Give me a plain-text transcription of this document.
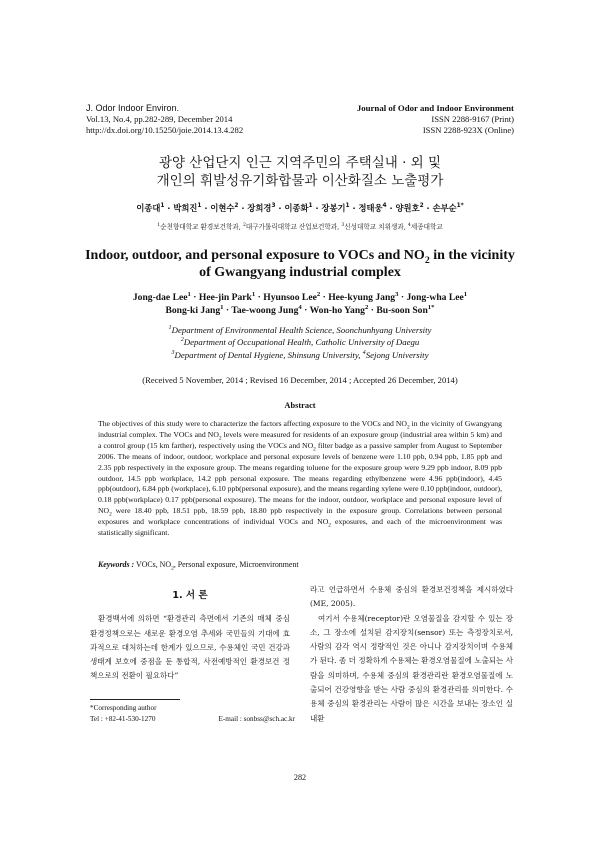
J. Odor Indoor Environ.
Vol.13, No.4, pp.282-289, December 2014
http://dx.doi.org/10.15250/joie.2014.13.4.282
Journal of Odor and Indoor Environment
ISSN 2288-9167 (Print)
ISSN 2288-923X (Online)
광양 산업단지 인근 지역주민의 주택실내 · 외 및
개인의 휘발성유기화합물과 이산화질소 노출평가
이종대$^1$ · 박희진$^1$ · 이현수$^2$ · 장희경$^3$ · 이종화$^1$ · 장봉기$^1$ · 정태웅$^4$ · 양원호$^2$ · 손부순$^{1*}$
$^1$순천향대학교 환경보건학과, $^2$대구가톨릭대학교 산업보건학과, $^3$신성대학교 치위생과, $^4$세종대학교
Indoor, outdoor, and personal exposure to VOCs and $NO_2$ in the vicinity
of Gwangyang industrial complex
Jong-dae Lee$^1$ · Hee-jin Park$^1$ · Hyunsoo Lee$^2$ · Hee-kyung Jang$^3$ · Jong-wha Lee$^1$
Bong-ki Jang$^1$ · Tae-woong Jung$^4$ · Won-ho Yang$^2$ · Bu-soon Son$^{1*}$
$^1$Department of Environmental Health Science, Soonchunhyang University
$^2$Department of Occupational Health, Catholic University of Daegu
$^3$Department of Dental Hygiene, Shinsung University, $^4$Sejong University
(Received 5 November, 2014 ; Revised 16 December, 2014 ; Accepted 26 December, 2014)
Abstract
The objectives of this study were to characterize the factors affecting exposure to the VOCs and $NO_2$ in the vicinity of Gwangyang industrial complex. The VOCs and $NO_2$ levels were measured for residents of an exposure group (industrial area within 5 km) and a control group (15 km farther), respectively using the VOCs and $NO_2$ filter badge as a passive sampler from August to September 2006. The means of indoor, outdoor, workplace and personal exposure levels of benzene were 1.10 ppb, 0.94 ppb, 1.85 ppb and 2.35 ppb respectively in the exposure group. The means regarding toluene for the exposure group were 9.29 ppb indoor, 8.09 ppb outdoor, 14.5 ppb workplace, 14.2 ppb personal exposure. The means regarding ethylbenzene were 4.96 ppb(indoor), 4.45 ppb(outdoor), 6.84 ppb (workplace), 6.10 ppb(personal exposure), and the means regarding xylene were 0.10 ppb(indoor, outdoor), 0.18 ppb(workplace) 0.17 ppb(personal exposure). The means for the indoor, outdoor, workplace and personal exposure level of $NO_2$ were 18.40 ppb, 18.51 ppb, 18.59 ppb, 18.80 ppb respectively in the exposure group. Correlations between personal exposures and workplace concentrations of individual VOCs and $NO_2$ exposures, and each of the microenvironment was statistically significant.
Keywords : VOCs, $NO_2$, Personal exposure, Microenvironment
1. 서 론

환경백서에 의하면 “환경관리 측면에서 기존의 매체 중심 환경정책으로는 새로운 환경오염 추세와 국민들의 기대에 효과적으로 대처하는데 한계가 있으므로, 수용체인 국민 건강과 생태계 보호에 중점을 둔 통합적, 사전예방적인 환경보건 정책으로의 전환이 필요하다”

라고 언급하면서 수용체 중심의 환경보건정책을 제시하였다(ME, 2005).

여기서 수용체(receptor)란 오염물질을 감지할 수 있는 장소, 그 장소에 설치된 감지장치(sensor) 또는 측정장치로서, 사람의 감각 역시 정량적인 것은 아니나 감지장치이며 수용체가 된다. 좀 더 정확하게 수용체는 환경오염물질에 노출되는 사람을 의미하며, 수용체 중심의 환경관리란 환경오염물질에 노출되어 건강영향을 받는 사람 중심의 환경관리를 의미한다. 수용체 중심의 환경관리는 사람이 많은 시간을 보내는 장소인 실내환

*Corresponding author
Tel : +82-41-530-1270	E-mail : sonbss@sch.ac.kr
282
